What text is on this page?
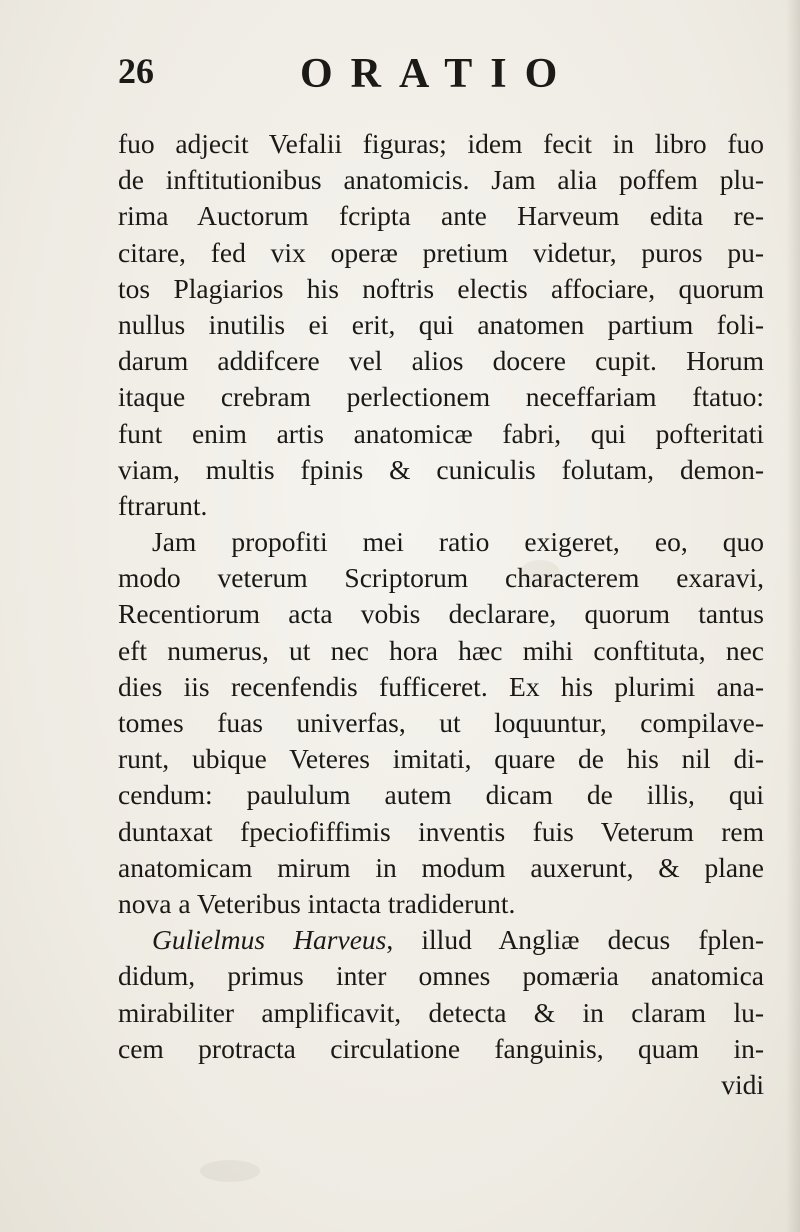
26	ORATIO
fuo adjecit Vefalii figuras; idem fecit in libro fuo
de inftitutionibus anatomicis. Jam alia poffem plu-
rima Auctorum fcripta ante Harveum edita re-
citare, fed vix operæ pretium videtur, puros pu-
tos Plagiarios his noftris electis affociare, quorum
nullus inutilis ei erit, qui anatomen partium foli-
darum addifcere vel alios docere cupit. Horum
itaque crebram perlectionem neceffariam ftatuo:
funt enim artis anatomicæ fabri, qui pofteritati
viam, multis fpinis & cuniculis folutam, demon-
ftrarunt.
Jam propofiti mei ratio exigeret, eo, quo
modo veterum Scriptorum characterem exaravi,
Recentiorum acta vobis declarare, quorum tantus
eft numerus, ut nec hora hæc mihi conftituta, nec
dies iis recenfendis fufficeret. Ex his plurimi ana-
tomes fuas univerfas, ut loquuntur, compilave-
runt, ubique Veteres imitati, quare de his nil di-
cendum: paululum autem dicam de illis, qui
duntaxat fpeciofiffimis inventis fuis Veterum rem
anatomicam mirum in modum auxerunt, & plane
nova a Veteribus intacta tradiderunt.
Gulielmus Harveus, illud Angliæ decus fplen-
didum, primus inter omnes pomæria anatomica
mirabiliter amplificavit, detecta & in claram lu-
cem protracta circulatione fanguinis, quam in-
vidi
